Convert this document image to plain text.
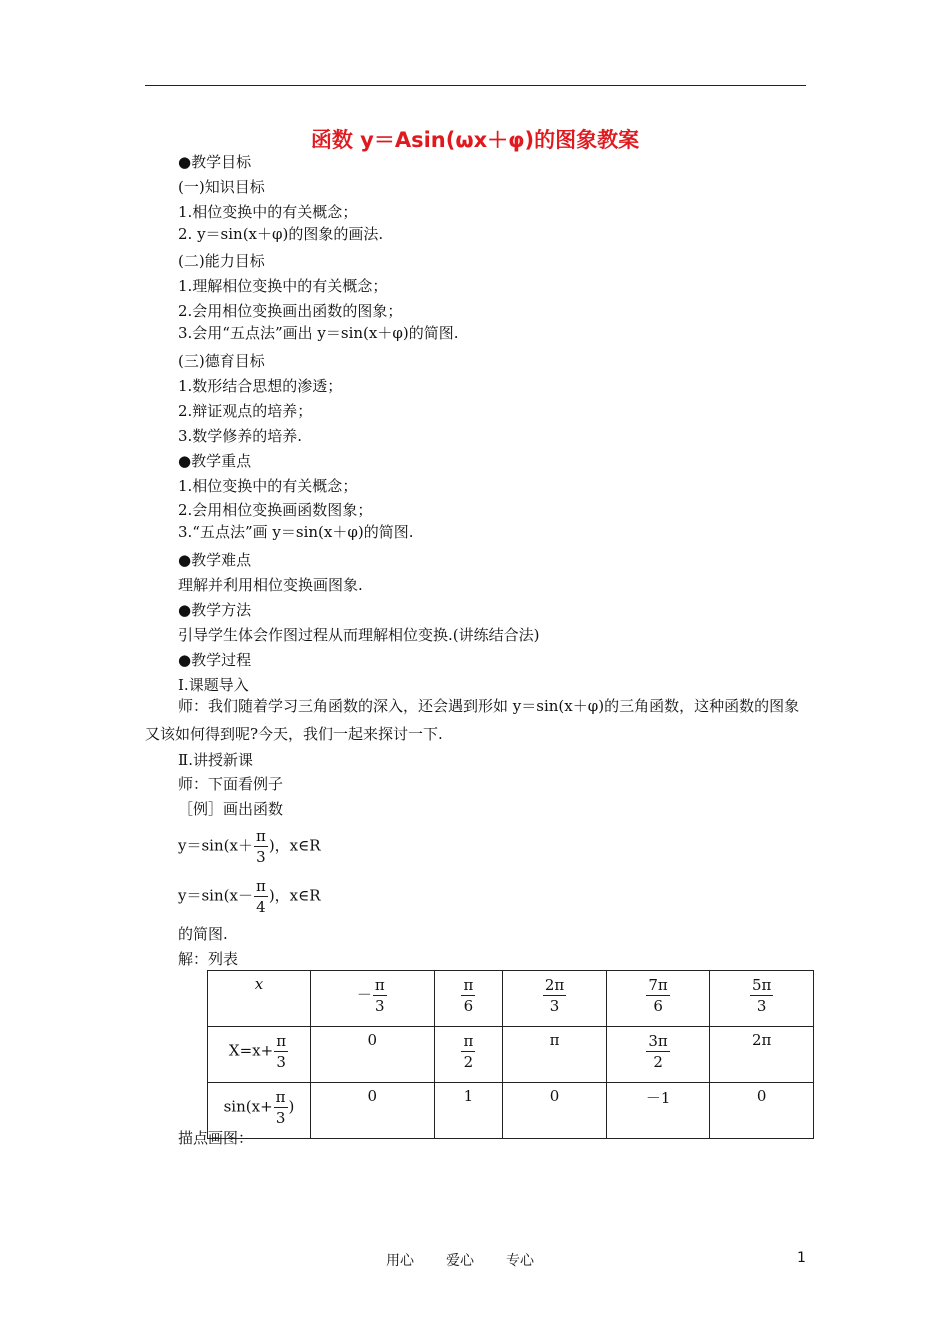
函数 y＝Asin(ωx＋φ)的图象教案
●教学目标
(一)知识目标
1.相位变换中的有关概念；
2. y＝sin(x＋φ)的图象的画法.
(二)能力目标
1.理解相位变换中的有关概念；
2.会用相位变换画出函数的图象；
3.会用“五点法”画出 y＝sin(x＋φ)的简图.
(三)德育目标
1.数形结合思想的渗透；
2.辩证观点的培养；
3.数学修养的培养.
●教学重点
1.相位变换中的有关概念；
2.会用相位变换画函数图象；
3.“五点法”画 y＝sin(x＋φ)的简图.
●教学难点
理解并利用相位变换画图象.
●教学方法
引导学生体会作图过程从而理解相位变换.(讲练结合法)
●教学过程
Ⅰ.课题导入
师：我们随着学习三角函数的深入，还会遇到形如 y＝sin(x＋φ)的三角函数，这种函数的图象又该如何得到呢?今天，我们一起来探讨一下.
Ⅱ.讲授新课
师：下面看例子
［例］画出函数
$y=\sin(x+ \frac{\pi}{3}$ )，x∈R
$y=\sin(x- \frac{\pi}{4}$ )，x∈R
的简图.
解：列表
x	－ $\frac{\pi}{3}$	$\frac{\pi}{6}$	$\frac{2\pi}{3}$	$\frac{7\pi}{6}$	$\frac{5\pi}{3}$

$X=x+ \frac{\pi}{3}$	0	$\frac{\pi}{2}$	π	$\frac{3\pi}{2}$	2π
$\sin(x+ \frac{\pi}{3}$ )	0	1	0	－1	0
描点画图：
用心 爱心 专心	1
